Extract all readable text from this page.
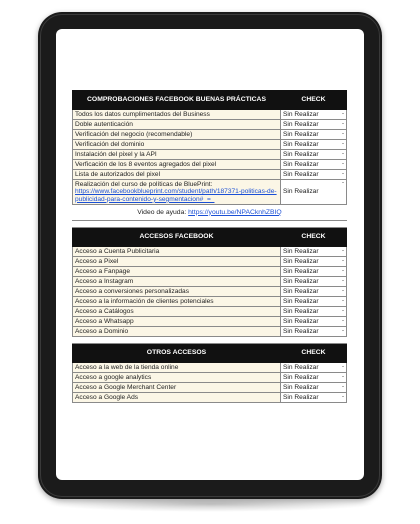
COMPROBACIONES FACEBOOK BUENAS PRÁCTICAS	CHECK
Todos los datos cumplimentados del Business	Sin Realizar -

Doble autenticación	Sin Realizar -

Verificación del negocio (recomendable)	Sin Realizar -

Verificación del dominio	Sin Realizar -

Instalación del pixel y la API	Sin Realizar -

Verficación de los 8 eventos agregados del pixel	Sin Realizar -

Lista de autorizados del pixel	Sin Realizar -

Realización del curso de políticas de BluePrint:
https://www.facebookblueprint.com/student/path/187371-politicas-de-publicidad-para-contenido-y-segmentacion#_=_	Sin Realizar
-

Video de ayuda: https://youtu.be/NPACknhZBIQ	

ACCESOS FACEBOOK	CHECK
Acceso a Cuenta Publicitaria	Sin Realizar -

Acceso a Pixel	Sin Realizar -

Acceso a Fanpage	Sin Realizar -

Acceso a Instagram	Sin Realizar -

Acceso a conversiones personalizadas	Sin Realizar -

Acceso a la información de clientes potenciales	Sin Realizar -

Acceso a Catálogos	Sin Realizar -

Acceso a Whatsapp	Sin Realizar -

Acceso a Dominio	Sin Realizar -

OTROS ACCESOS	CHECK
Acceso a la web de la tienda online	Sin Realizar -

Acceso a google analytics	Sin Realizar -

Acceso a Google Merchant Center	Sin Realizar -

Acceso a Google Ads	Sin Realizar -
